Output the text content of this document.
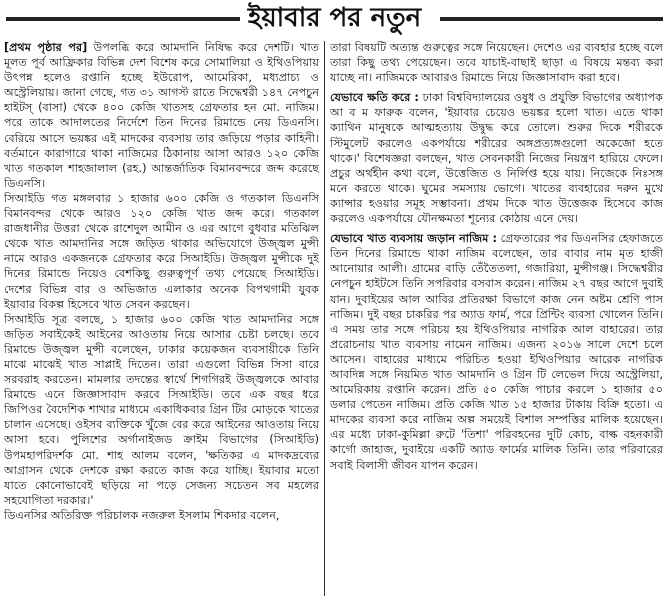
ইয়াবার পর নতুন

[প্রথম পৃষ্ঠার পর] উপলব্ধি করে আমদানি নিষিদ্ধ করে দেশটি। খাত মূলত পূর্ব আফ্রিকার বিভিন্ন দেশ বিশেষ করে সোমালিয়া ও ইথিওপিয়ায় উৎপন্ন হলেও রপ্তানি হচ্ছে ইউরোপ, আমেরিকা, মধ্যপ্রাচ্য ও অস্ট্রেলিয়ায়। জানা গেছে, গত ৩১ আগস্ট রাতে সিদ্ধেশ্বরী ১৪৭ নেপচুন হাইটস্ (বাসা) থেকে ৪০০ কেজি খাতসহ গ্রেফতার হন মো. নাজিম। পরে তাকে আদালতের নির্দেশে তিন দিনের রিমান্ডে নেয় ডিএনসি। বেরিয়ে আসে ভয়ঙ্কর এই মাদকের ব্যবসায় তার জড়িয়ে পড়ার কাহিনী। বর্তমানে কারাগারে থাকা নাজিমের ঠিকানায় আসা আরও ১২০ কেজি খাত গতকাল শাহজালাল (রহ.) আন্তর্জাতিক বিমানবন্দরে জব্দ করেছে ডিএনসি।

সিআইডি গত মঙ্গলবার ১ হাজার ৬০০ কেজি ও গতকাল ডিএনসি বিমানবন্দর থেকে আরও ১২০ কেজি খাত জব্দ করে। গতকাল রাজধানীর উত্তরা থেকে রাশেদুল আমীন ও এর আগে বুধবার মতিঝিল থেকে খাত আমদানির সঙ্গে জড়িত থাকার অভিযোগে উজ্জ্বল মুন্সী নামে আরও একজনকে গ্রেফতার করে সিআইডি। উজ্জ্বল মুন্সীকে দুই দিনের রিমান্ডে নিয়েও বেশকিছু গুরুত্বপূর্ণ তথ্য পেয়েছে সিআইডি। দেশের বিভিন্ন বার ও অভিজাত এলাকার অনেক বিপথগামী যুবক ইয়াবার বিকল্প হিসেবে খাত সেবন করছেন।

সিআইডি সূত্র বলছে, ১ হাজার ৬০০ কেজি খাত আমদানির সঙ্গে জড়িত সবাইকেই আইনের আওতায় নিয়ে আসার চেষ্টা চলছে। তবে রিমান্ডে উজ্জ্বল মুন্সী বলেছেন, ঢাকার কয়েকজন ব্যবসায়ীকে তিনি মাঝে মাঝেই খাত সাপ্লাই দিতেন। তারা এগুলো বিভিন্ন সিসা বারে সরবরাহ করতেন। মামলার তদন্তের স্বার্থে শিগগিরই উজ্জ্বলকে আবার রিমান্ডে এনে জিজ্ঞাসাবাদ করবে সিআইডি। তবে এক বছর ধরে জিপিওর বৈদেশিক শাখার মাধ্যমে একাধিকবার গ্রিন টির মোড়কে খাতের চালান এসেছে। ওইসব ব্যক্তিকে খুঁজে বের করে আইনের আওতায় নিয়ে আসা হবে। পুলিশের অর্গানাইজড ক্রাইম বিভাগের (সিআইডি) উপমহাপরিদর্শক মো. শাহ আলম বলেন, 'ক্ষতিকর এ মাদকদ্রব্যের আগ্রাসন থেকে দেশকে রক্ষা করতে কাজ করে যাচ্ছি। ইয়াবার মতো যাতে কোনোভাবেই ছড়িয়ে না পড়ে সেজন্য সচেতন সব মহলের সহযোগিতা দরকার।'

ডিএনসির অতিরিক্ত পরিচালক নজরুল ইসলাম শিকদার বলেন,

তারা বিষয়টি অত্যন্ত গুরুত্বের সঙ্গে নিয়েছেন। দেশেও এর ব্যবহার হচ্ছে বলে তারা কিছু তথ্য পেয়েছেন। তবে যাচাই-বাছাই ছাড়া এ বিষয়ে মন্তব্য করা যাচ্ছে না। নাজিমকে আবারও রিমান্ডে নিয়ে জিজ্ঞাসাবাদ করা হবে।

যেভাবে ক্ষতি করে : ঢাকা বিশ্ববিদ্যালয়ের ওষুধ ও প্রযুক্তি বিভাগের অধ্যাপক আ ব ম ফারুক বলেন, 'ইয়াবার চেয়েও ভয়ঙ্কর হলো খাত। এতে থাকা ক্যাথিন মানুষকে আত্মহত্যায় উদ্বুদ্ধ করে তোলে। শুরুর দিকে শরীরকে স্টিমুলেট করলেও একপর্যায়ে শরীরের অঙ্গপ্রত্যঙ্গগুলো অকেজো হতে থাকে।' বিশেষজ্ঞরা বলছেন, খাত সেবনকারী নিজের নিয়ন্ত্রণ হারিয়ে ফেলে। প্রচুর অর্থহীন কথা বলে, উত্তেজিত ও নির্লিপ্ত হয়ে যায়। নিজেকে নিঃসঙ্গ মনে করতে থাকে। ঘুমের সমস্যায় ভোগে। খাতের ব্যবহারের দরুন মুখে ক্যান্সার হওয়ার সমূহ সম্ভাবনা। প্রথম দিকে খাত উত্তেজক হিসেবে কাজ করলেও একপর্যায়ে যৌনক্ষমতা শূন্যের কোঠায় এনে দেয়।

যেভাবে খাত ব্যবসায় জড়ান নাজিম : গ্রেফতারের পর ডিএনসির হেফাজতে তিন দিনের রিমান্ডে থাকা নাজিম বলেছেন, তার বাবার নাম মৃত হাজী আনোয়ার আলী। গ্রামের বাড়ি তেঁতৈতলা, গজারিয়া, মুন্সীগঞ্জ। সিদ্ধেশ্বরীর নেপচুন হাইটসে তিনি সপরিবার বসবাস করেন। নাজিম ২৭ বছর আগে দুবাই যান। দুবাইয়ের আল আবির প্রতিরক্ষা বিভাগে কাজ নেন অষ্টম শ্রেণি পাস নাজিম। দুই বছর চাকরির পর অ্যাড ফার্ম, পরে প্রিন্টিং ব্যবসা খোলেন তিনি। এ সময় তার সঙ্গে পরিচয় হয় ইথিওপিয়ার নাগরিক আল বাহারের। তার প্ররোচনায় খাত ব্যবসায় নামেন নাজিম। এজন্য ২০১৬ সালে দেশে চলে আসেন। বাহারের মাধ্যমে পরিচিত হওয়া ইথিওপিয়ার আরেক নাগরিক আবদিন্ন সঙ্গে নিয়মিত খাত আমদানি ও গ্রিন টি লেভেল দিয়ে অস্ট্রেলিয়া, আমেরিকায় রপ্তানি করেন। প্রতি ৫০ কেজি পাচার করলে ১ হাজার ৫০ ডলার পেতেন নাজিম। প্রতি কেজি খাত ১৫ হাজার টাকায় বিক্রি হতো। এ মাদকের ব্যবসা করে নাজিম অল্প সময়েই বিশাল সম্পত্তির মালিক হয়েছেন। এর মধ্যে ঢাকা-কুমিল্লা রুটে 'তিশা' পরিবহনের দুটি কোচ, বাল্ক বহনকারী কার্গো জাহাজ, দুবাইয়ে একটি অ্যাড ফার্মের মালিক তিনি। তার পরিবারের সবাই বিলাসী জীবন যাপন করেন।
